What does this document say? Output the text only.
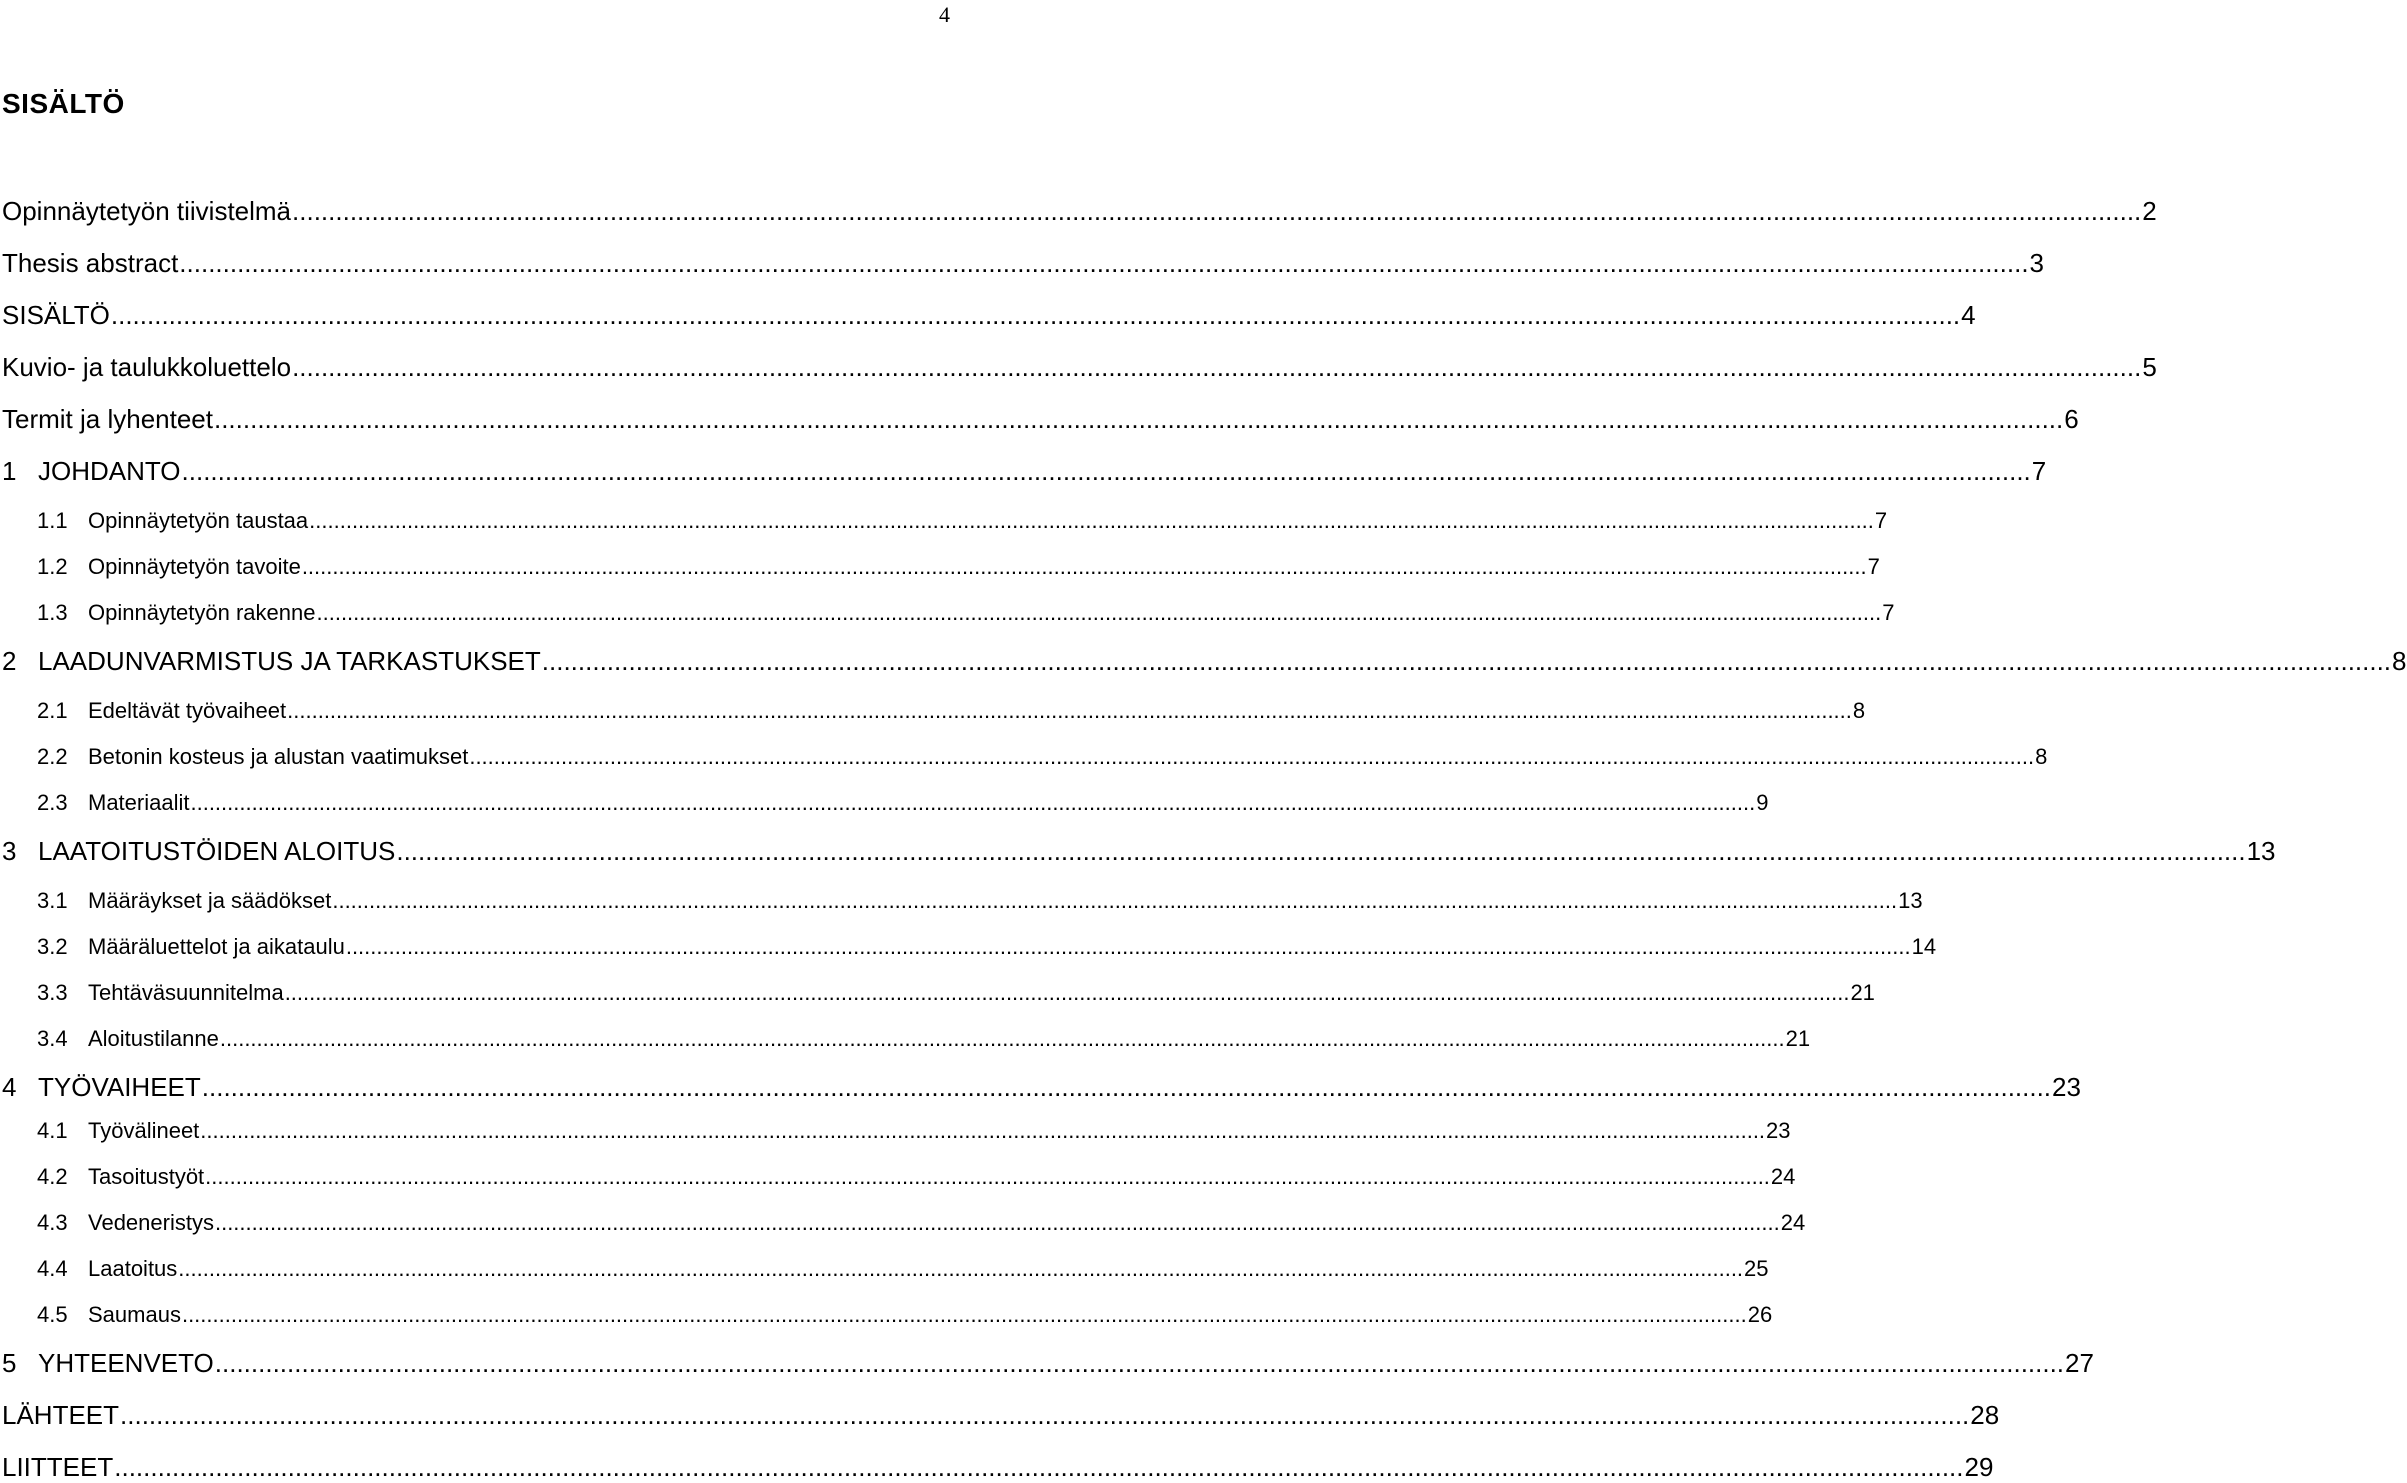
4
SISÄLTÖ
Opinnäytetyön tiivistelmä .....	2
Thesis abstract .....	3
SISÄLTÖ .....	4
Kuvio- ja taulukkoluettelo .....	5
Termit ja lyhenteet .....	6
1 JOHDANTO .....	7
1.1 Opinnäytetyön taustaa .....	7
1.2 Opinnäytetyön tavoite .....	7
1.3 Opinnäytetyön rakenne .....	7
2 LAADUNVARMISTUS JA TARKASTUKSET .....	8
2.1 Edeltävät työvaiheet .....	8
2.2 Betonin kosteus ja alustan vaatimukset .....	8
2.3 Materiaalit .....	9
3 LAATOITUSTÖIDEN ALOITUS .....	13
3.1 Määräykset ja säädökset .....	13
3.2 Määräluettelot ja aikataulu .....	14
3.3 Tehtäväsuunnitelma .....	21
3.4 Aloitustilanne .....	21
4 TYÖVAIHEET .....	23
4.1 Työvälineet .....	23
4.2 Tasoitustyöt .....	24
4.3 Vedeneristys .....	24
4.4 Laatoitus .....	25
4.5 Saumaus .....	26
5 YHTEENVETO .....	27
LÄHTEET .....	28
LIITTEET .....	29
